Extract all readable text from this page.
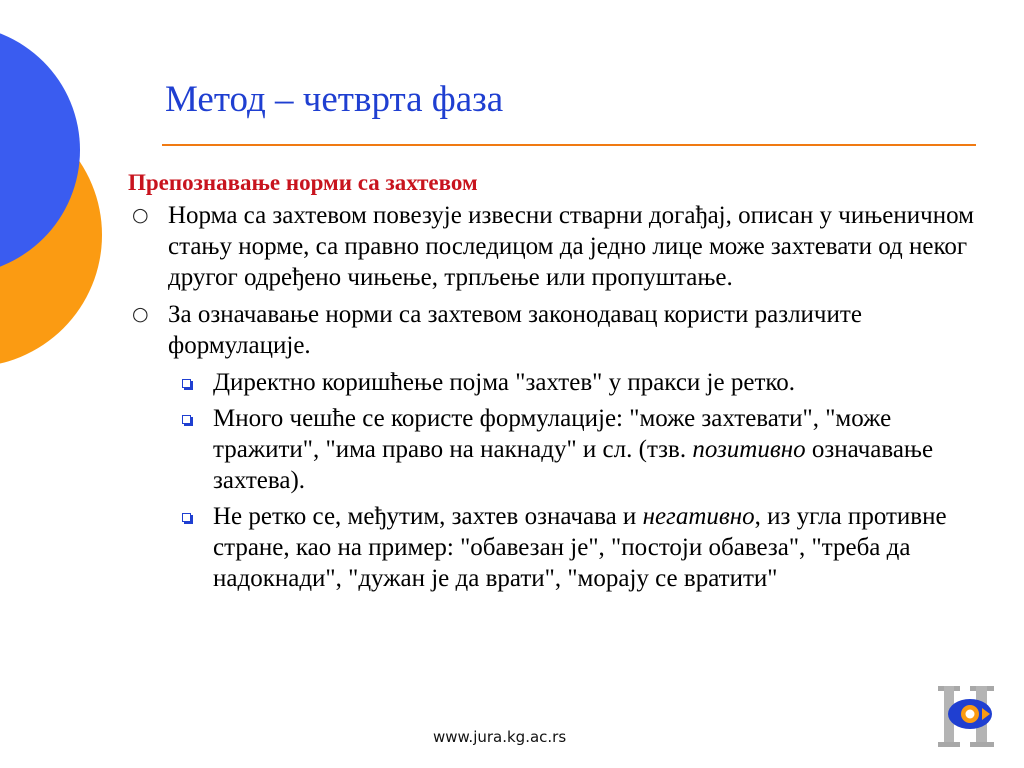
Метод – четврта фаза
Препознавање норми са захтевом
○ Норма са захтевом повезује извесни стварни догађај, описан у чињеничном стању норме, са правно последицом да једно лице може захтевати од неког другог одређено чињење, трпљење или пропуштање.
○ За означавање норми са захтевом законодавац користи различите формулације.
Директно коришћење појма "захтев" у пракси је ретко.
Много чешће се користе формулације: "може захтевати", "може тражити", "има право на накнаду" и сл. (тзв. позитивно означавање захтева).
Не ретко се, међутим, захтев означава и негативно, из угла противне стране, као на пример: "обавезан је", "постоји обавеза", "треба да надокнади", "дужан је да врати", "морају се вратити"
www.jura.kg.ac.rs
